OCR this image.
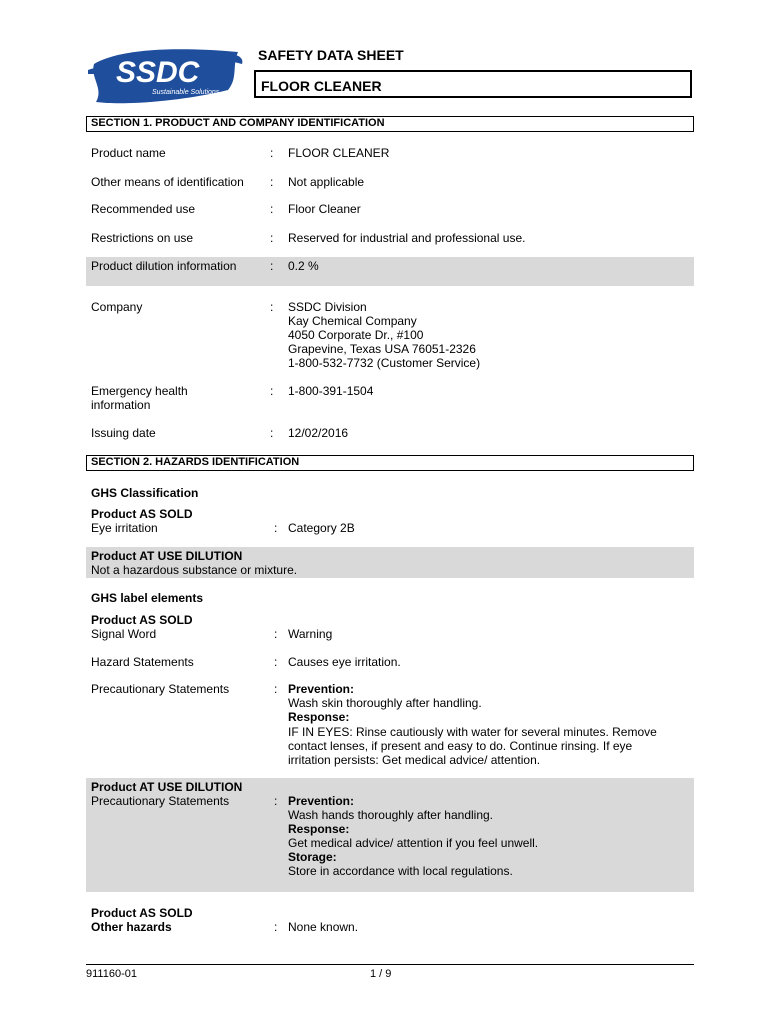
SSDC
Sustainable Solutions
SAFETY DATA SHEET
FLOOR CLEANER
SECTION 1. PRODUCT AND COMPANY IDENTIFICATION
Product name	: FLOOR CLEANER
Other means of identification : Not applicable
Recommended use	: Floor Cleaner
Restrictions on use	: Reserved for industrial and professional use.
Product dilution information	: 0.2 %
Company	: SSDC Division
Kay Chemical Company
4050 Corporate Dr., #100
Grapevine, Texas USA 76051-2326
1-800-532-7732 (Customer Service)
Emergency health
information
: 1-800-391-1504
Issuing date	: 12/02/2016
SECTION 2. HAZARDS IDENTIFICATION
GHS Classification
Product AS SOLD
Eye irritation	: Category 2B
Product AT USE DILUTION
Not a hazardous substance or mixture.
GHS label elements
Product AS SOLD
Signal Word	: Warning
Hazard Statements	: Causes eye irritation.
Precautionary Statements	: Prevention:
Wash skin thoroughly after handling.
Response:
IF IN EYES: Rinse cautiously with water for several minutes. Remove
contact lenses, if present and easy to do. Continue rinsing. If eye
irritation persists: Get medical advice/ attention.
Product AT USE DILUTION
Precautionary Statements	: Prevention:
Wash hands thoroughly after handling.
Response:
Get medical advice/ attention if you feel unwell.
Storage:
Store in accordance with local regulations.
Product AS SOLD
Other hazards	: None known.
911160-01	1 / 9
